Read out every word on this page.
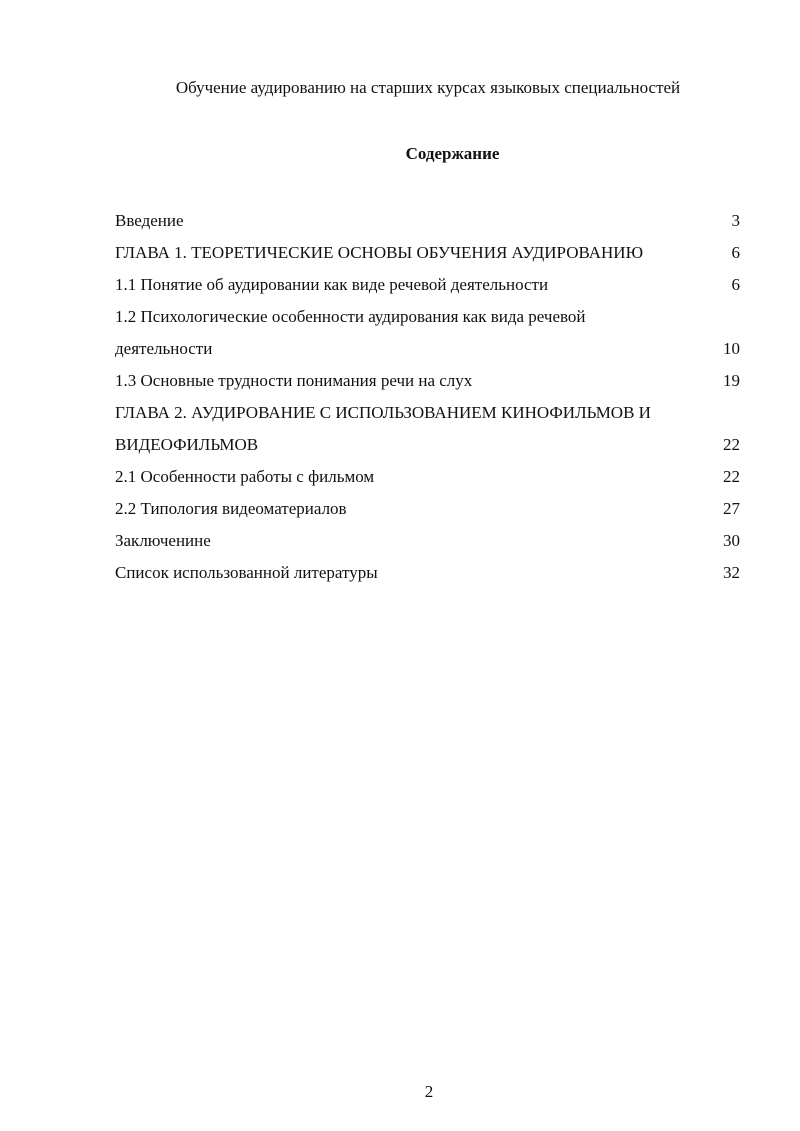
Обучение аудированию на старших курсах языковых специальностей
Содержание
Введение	3
ГЛАВА 1. ТЕОРЕТИЧЕСКИЕ ОСНОВЫ ОБУЧЕНИЯ АУДИРОВАНИЮ	6
1.1 Понятие об аудировании как виде речевой деятельности	6
1.2 Психологические особенности аудирования как вида речевой
деятельности	10
1.3 Основные трудности понимания речи на слух	19
ГЛАВА 2. АУДИРОВАНИЕ С ИСПОЛЬЗОВАНИЕМ КИНОФИЛЬМОВ И
ВИДЕОФИЛЬМОВ	22
2.1 Особенности работы с фильмом	22
2.2 Типология видеоматериалов	27
Заключенине	30
Список использованной литературы	32
2
